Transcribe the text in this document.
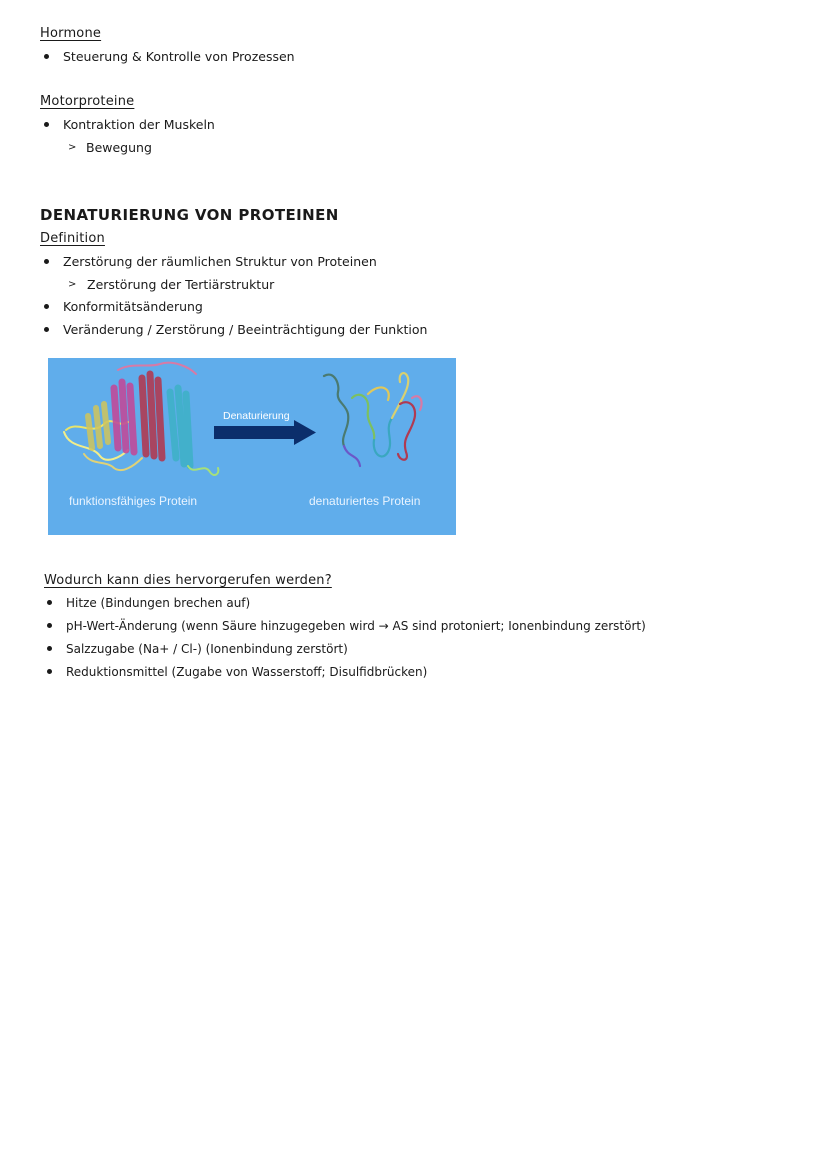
Hormone
Steuerung & Kontrolle von Prozessen
Motorproteine
Kontraktion der Muskeln
> Bewegung
DENATURIERUNG VON PROTEINEN
Definition
Zerstörung der räumlichen Struktur von Proteinen
> Zerstörung der Tertiärstruktur
Konformitätsänderung
Veränderung / Zerstörung / Beeinträchtigung der Funktion
Denaturierung
funktionsfähiges Protein	denaturiertes Protein
Wodurch kann dies hervorgerufen werden?
Hitze (Bindungen brechen auf)
pH-Wert-Änderung (wenn Säure hinzugegeben wird → AS sind protoniert; Ionenbindung zerstört)
Salzzugabe (Na+ / Cl-) (Ionenbindung zerstört)
Reduktionsmittel (Zugabe von Wasserstoff; Disulfidbrücken)
